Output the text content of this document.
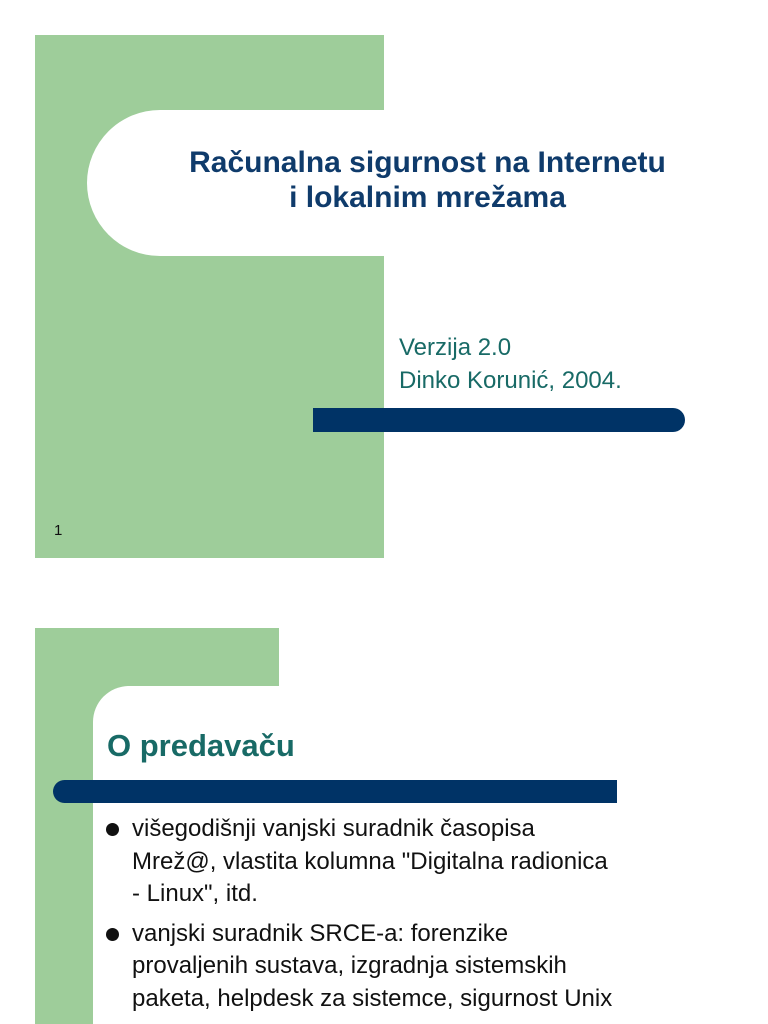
Računalna sigurnost na Internetu
i lokalnim mrežama
Verzija 2.0
Dinko Korunić, 2004.
1
O predavaču
višegodišnji vanjski suradnik časopisa
Mrež@, vlastita kolumna "Digitalna radionica
- Linux", itd.
vanjski suradnik SRCE-a: forenzike
provaljenih sustava, izgradnja sistemskih
paketa, helpdesk za sistemce, sigurnost Unix
